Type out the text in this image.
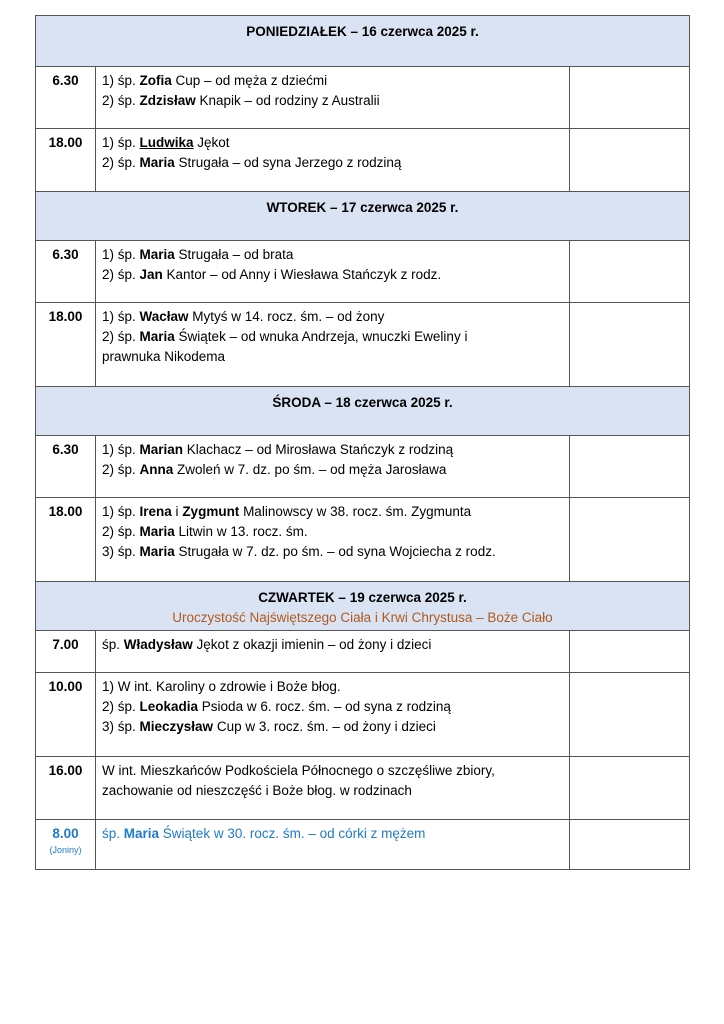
PONIEDZIAŁEK – 16 czerwca 2025 r.		

6.30	1) śp. Zofia Cup – od męża z dziećmi
2) śp. Zdzisław Knapik – od rodziny z Australii	

18.00	1) śp. Ludwika Jękot
2) śp. Maria Strugała – od syna Jerzego z rodziną	

WTOREK – 17 czerwca 2025 r.		

6.30	1) śp. Maria Strugała – od brata
2) śp. Jan Kantor – od Anny i Wiesława Stańczyk z rodz.	

18.00	1) śp. Wacław Mytyś w 14. rocz. śm. – od żony
2) śp. Maria Świątek – od wnuka Andrzeja, wnuczki Eweliny i
prawnuka Nikodema	

ŚRODA – 18 czerwca 2025 r.		

6.30	1) śp. Marian Klachacz – od Mirosława Stańczyk z rodziną
2) śp. Anna Zwoleń w 7. dz. po śm. – od męża Jarosława	

18.00	1) śp. Irena i Zygmunt Malinowscy w 38. rocz. śm. Zygmunta
2) śp. Maria Litwin w 13. rocz. śm.
3) śp. Maria Strugała w 7. dz. po śm. – od syna Wojciecha z rodz.	

CZWARTEK – 19 czerwca 2025 r.
Uroczystość Najświętszego Ciała i Krwi Chrystusa – Boże Ciało		

7.00	śp. Władysław Jękot z okazji imienin – od żony i dzieci	

10.00	1) W int. Karoliny o zdrowie i Boże błog.
2) śp. Leokadia Psioda w 6. rocz. śm. – od syna z rodziną
3) śp. Mieczysław Cup w 3. rocz. śm. – od żony i dzieci	

16.00	W int. Mieszkańców Podkościela Północnego o szczęśliwe zbiory,
zachowanie od nieszczęść i Boże błog. w rodzinach	

8.00
(Joniny)	śp. Maria Świątek w 30. rocz. śm. – od córki z mężem	
